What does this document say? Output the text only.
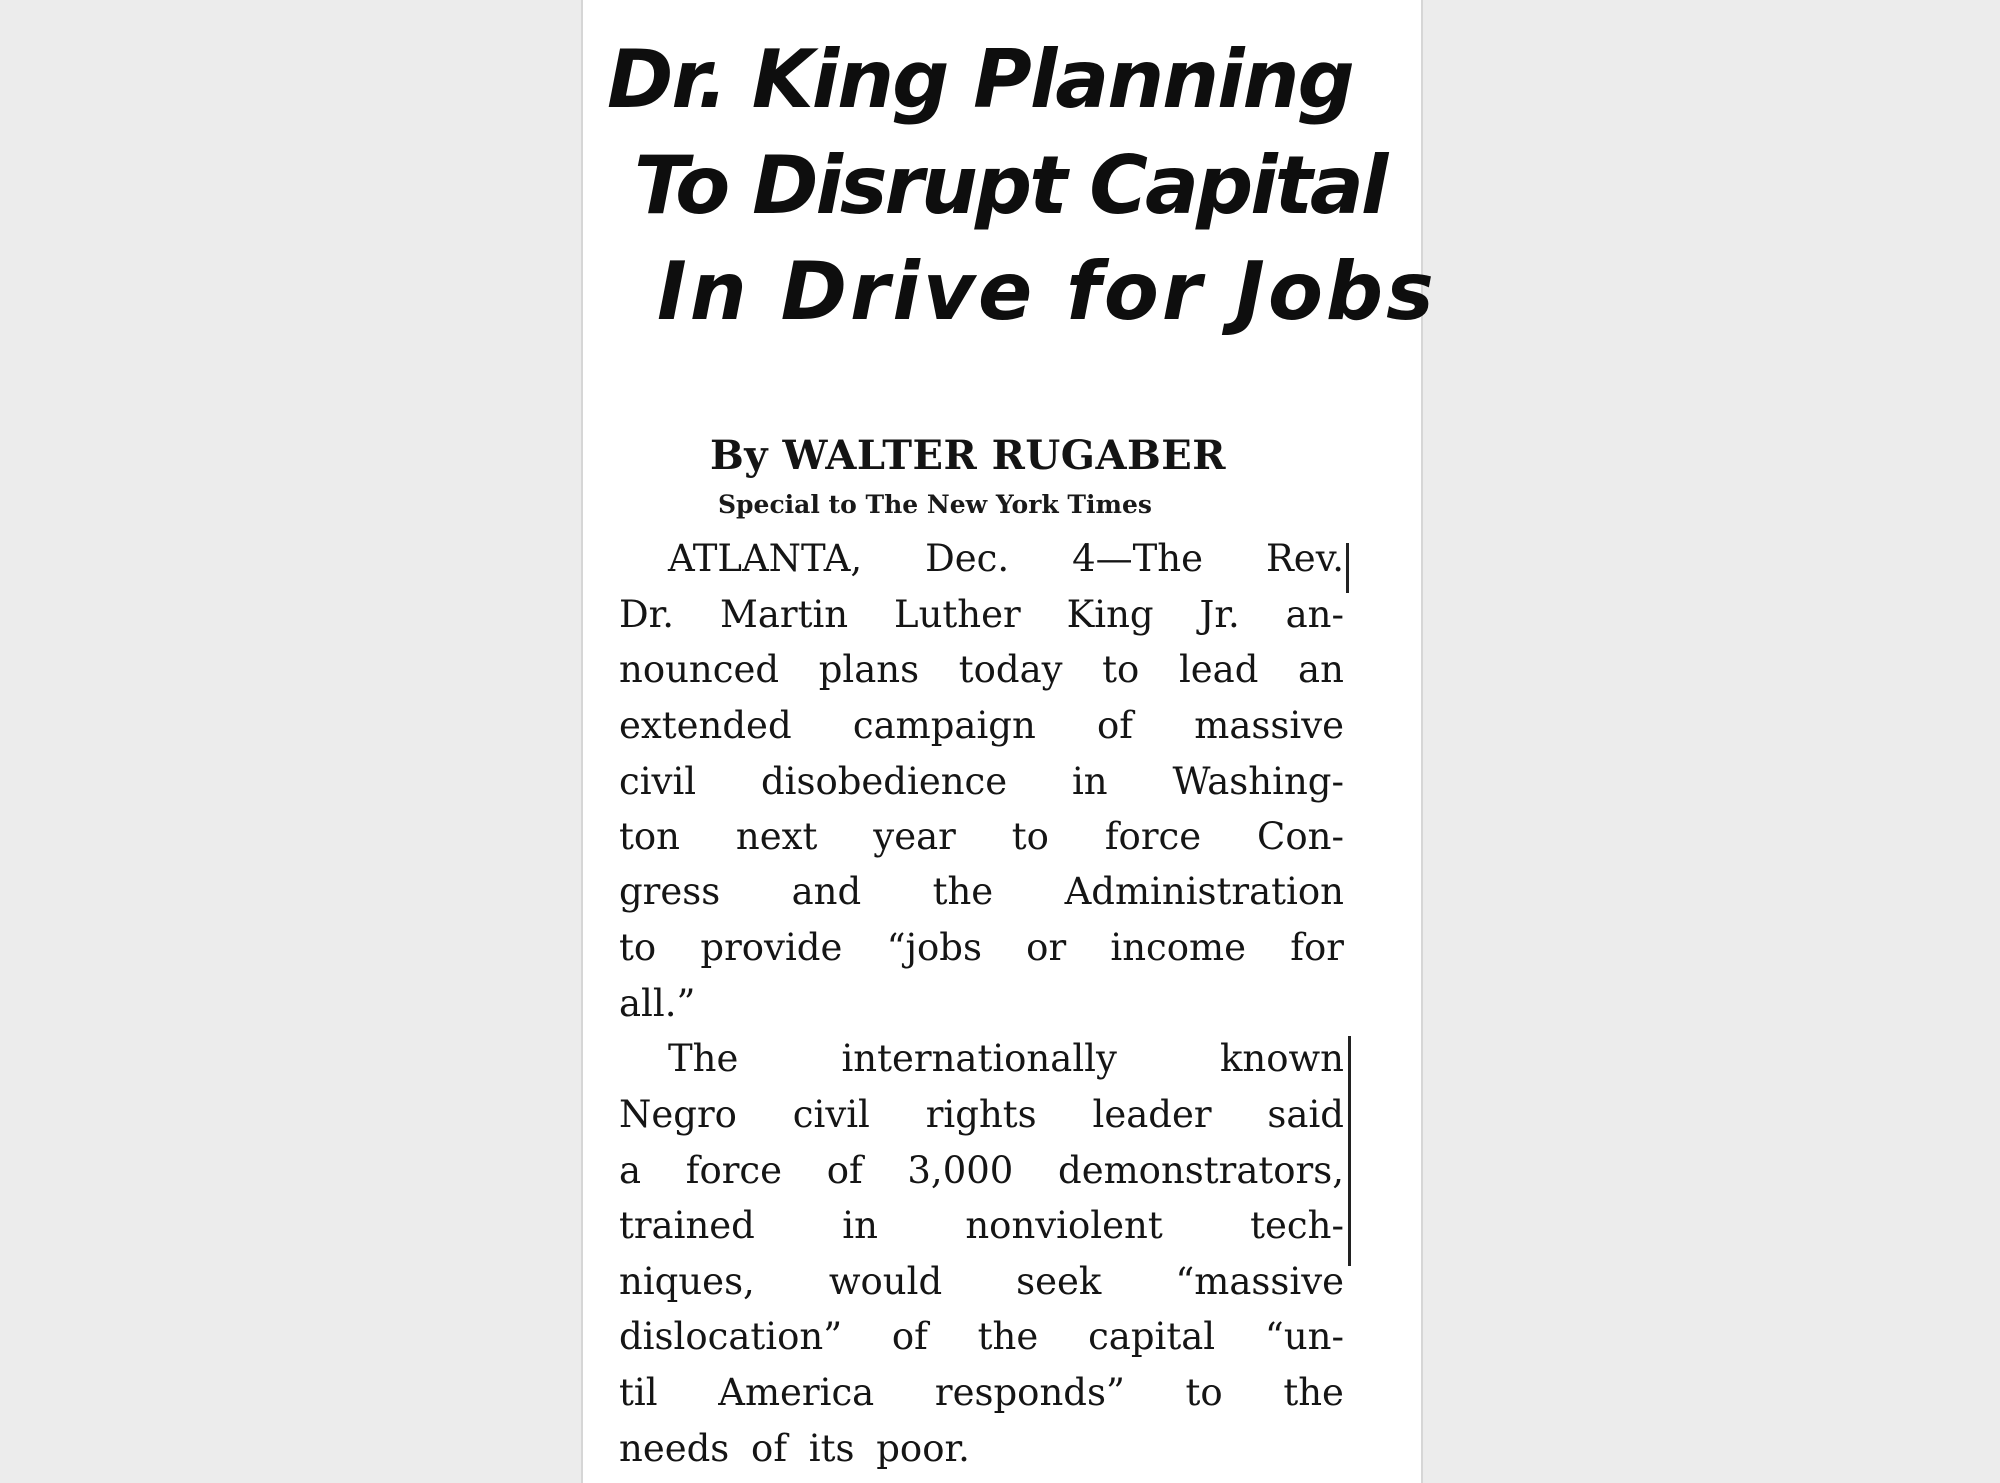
Dr. King Planning
To Disrupt Capital
In Drive for Jobs
By WALTER RUGABER
Special to The New York Times
ATLANTA, Dec. 4—The Rev.
Dr. Martin Luther King Jr. an-
nounced plans today to lead an
extended campaign of massive
civil disobedience in Washing-
ton next year to force Con-
gress and the Administration
to provide “jobs or income for
all.”
The	internationally	known
Negro civil rights leader said
a force of 3,000 demonstrators,
trained in nonviolent tech-
niques, would seek “massive
dislocation” of the capital “un-
til America responds” to the
needs of its poor.
